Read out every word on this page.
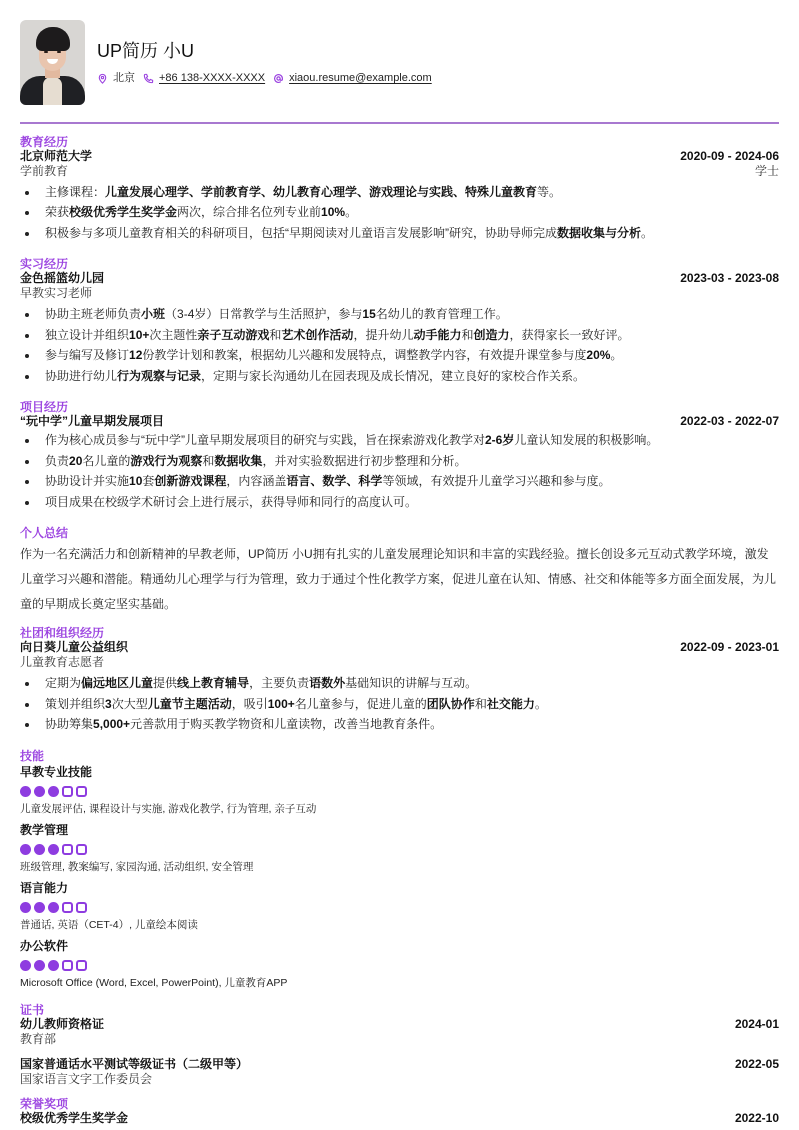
UP简历 小U
北京 +86 138-XXXX-XXXX xiaou.resume@example.com
教育经历
北京师范大学	2020-09 - 2024-06
学前教育	学士
主修课程：儿童发展心理学、学前教育学、幼儿教育心理学、游戏理论与实践、特殊儿童教育等。
荣获校级优秀学生奖学金两次，综合排名位列专业前10%。
积极参与多项儿童教育相关的科研项目，包括“早期阅读对儿童语言发展影响”研究，协助导师完成数据收集与分析。
实习经历
金色摇篮幼儿园	2023-03 - 2023-08
早教实习老师
协助主班老师负责小班（3-4岁）日常教学与生活照护，参与15名幼儿的教育管理工作。
独立设计并组织10+次主题性亲子互动游戏和艺术创作活动，提升幼儿动手能力和创造力，获得家长一致好评。
参与编写及修订12份教学计划和教案，根据幼儿兴趣和发展特点，调整教学内容，有效提升课堂参与度20%。
协助进行幼儿行为观察与记录，定期与家长沟通幼儿在园表现及成长情况，建立良好的家校合作关系。
项目经历
“玩中学”儿童早期发展项目	2022-03 - 2022-07
作为核心成员参与“玩中学”儿童早期发展项目的研究与实践，旨在探索游戏化教学对2-6岁儿童认知发展的积极影响。
负责20名儿童的游戏行为观察和数据收集，并对实验数据进行初步整理和分析。
协助设计并实施10套创新游戏课程，内容涵盖语言、数学、科学等领域，有效提升儿童学习兴趣和参与度。
项目成果在校级学术研讨会上进行展示，获得导师和同行的高度认可。
个人总结
作为一名充满活力和创新精神的早教老师，UP简历 小U拥有扎实的儿童发展理论知识和丰富的实践经验。擅长创设多元互动式教学环境，激发儿童学习兴趣和潜能。精通幼儿心理学与行为管理，致力于通过个性化教学方案，促进儿童在认知、情感、社交和体能等多方面全面发展，为儿童的早期成长奠定坚实基础。
社团和组织经历
向日葵儿童公益组织	2022-09 - 2023-01
儿童教育志愿者
定期为偏远地区儿童提供线上教育辅导，主要负责语数外基础知识的讲解与互动。
策划并组织3次大型儿童节主题活动，吸引100+名儿童参与，促进儿童的团队协作和社交能力。
协助筹集5,000+元善款用于购买教学物资和儿童读物，改善当地教育条件。
技能
早教专业技能
儿童发展评估, 课程设计与实施, 游戏化教学, 行为管理, 亲子互动
教学管理
班级管理, 教案编写, 家园沟通, 活动组织, 安全管理
语言能力
普通话, 英语（CET-4）, 儿童绘本阅读
办公软件
Microsoft Office (Word, Excel, PowerPoint), 儿童教育APP
证书
幼儿教师资格证	2024-01
教育部
国家普通话水平测试等级证书（二级甲等）	2022-05
国家语言文字工作委员会
荣誉奖项
校级优秀学生奖学金	2022-10
